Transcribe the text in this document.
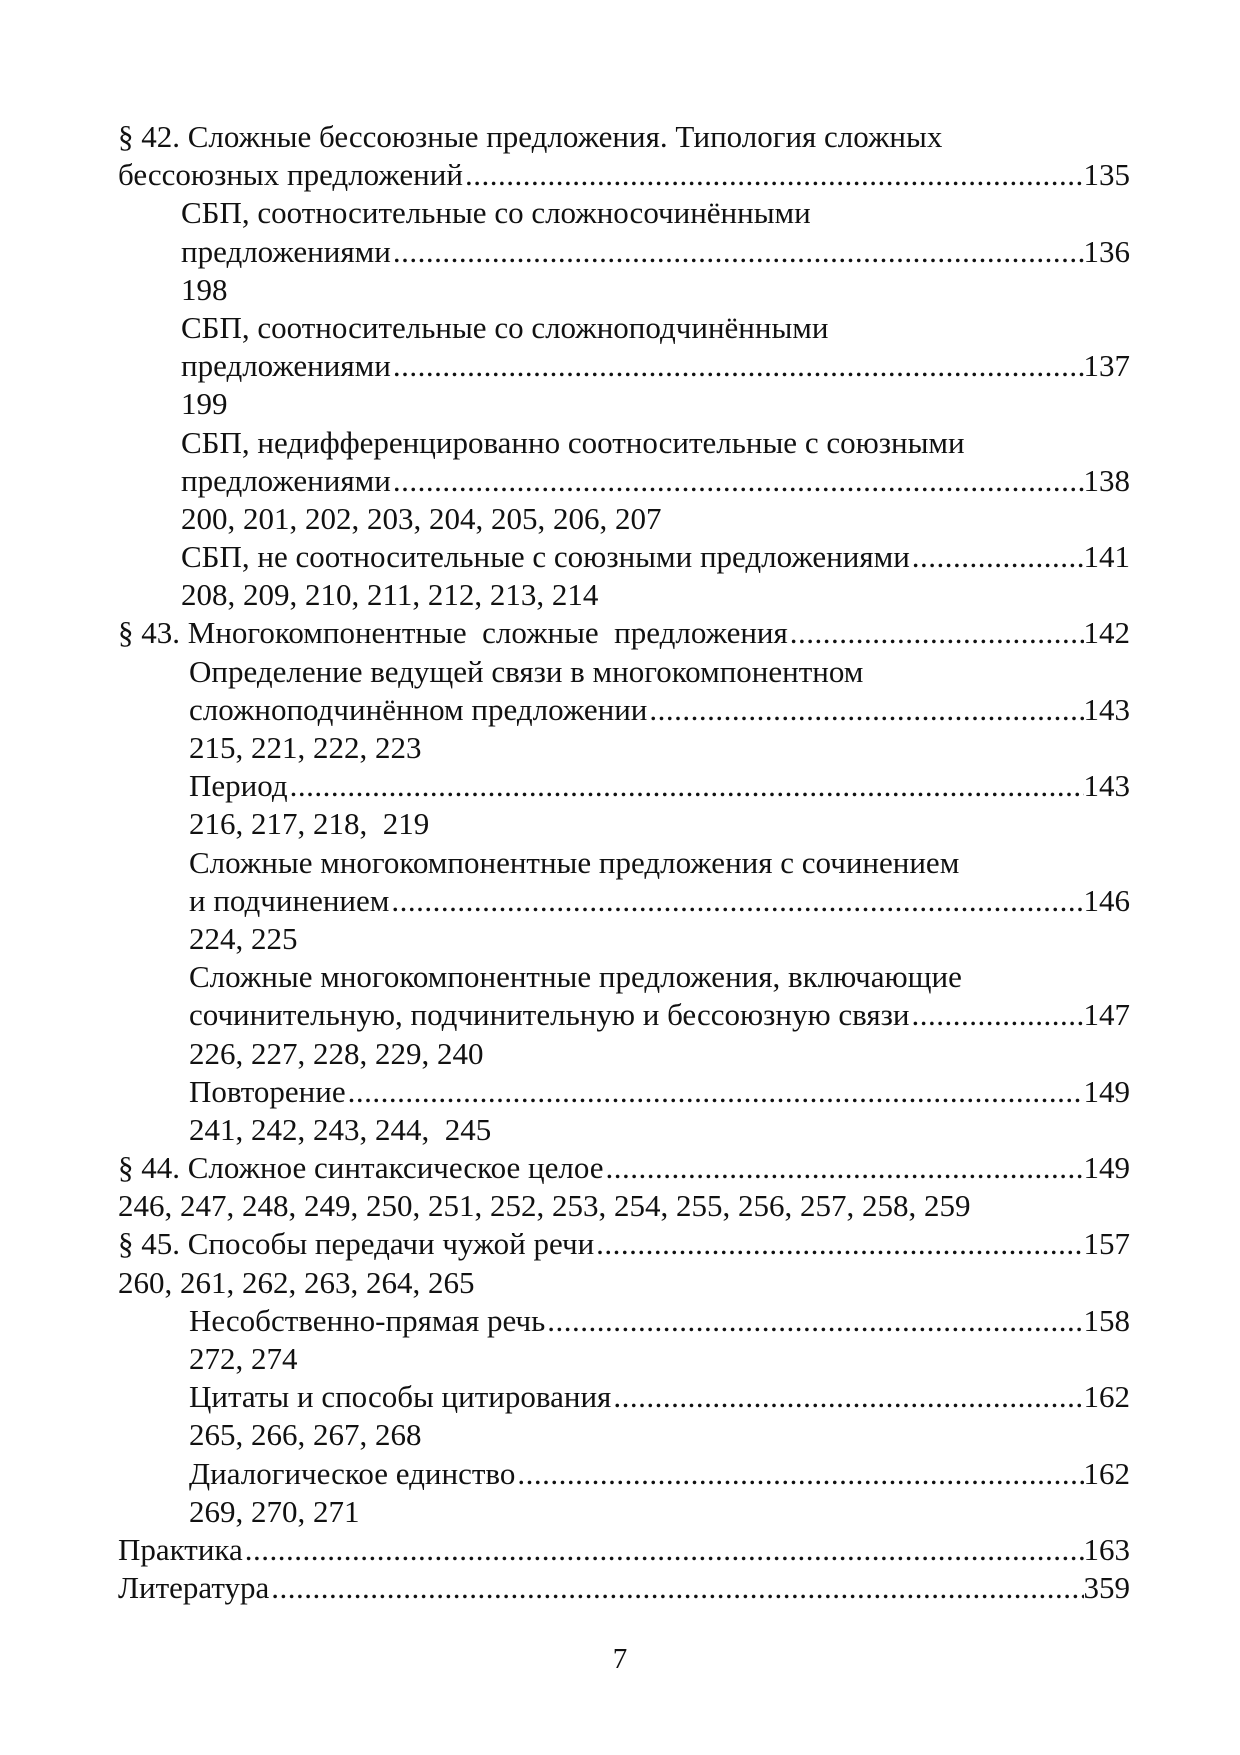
§ 42. Сложные бессоюзные предложения. Типология сложных
бессоюзных предложений .....	135
СБП, соотносительные со сложносочинёнными
предложениями .....	136
198
СБП, соотносительные со сложноподчинёнными
предложениями .....	137
199
СБП, недифференцированно соотносительные с союзными
предложениями .....	138
200, 201, 202, 203, 204, 205, 206, 207
СБП, не соотносительные с союзными предложениями .....	141
208, 209, 210, 211, 212, 213, 214
§ 43. Многокомпонентные  сложные  предложения .....	142
Определение ведущей связи в многокомпонентном
сложноподчинённом предложении .....	143
215, 221, 222, 223
Период .....	143
216, 217, 218,  219
Сложные многокомпонентные предложения с сочинением
и подчинением .....	146
224, 225
Сложные многокомпонентные предложения, включающие
сочинительную, подчинительную и бессоюзную связи .....	147
226, 227, 228, 229, 240
Повторение .....	149
241, 242, 243, 244,  245
§ 44. Сложное синтаксическое целое .....	149
246, 247, 248, 249, 250, 251, 252, 253, 254, 255, 256, 257, 258, 259
§ 45. Способы передачи чужой речи .....	157
260, 261, 262, 263, 264, 265
Несобственно-прямая речь .....	158
272, 274
Цитаты и способы цитирования .....	162
265, 266, 267, 268
Диалогическое единство .....	162
269, 270, 271
Практика .....	163
Литература .....	359
7
